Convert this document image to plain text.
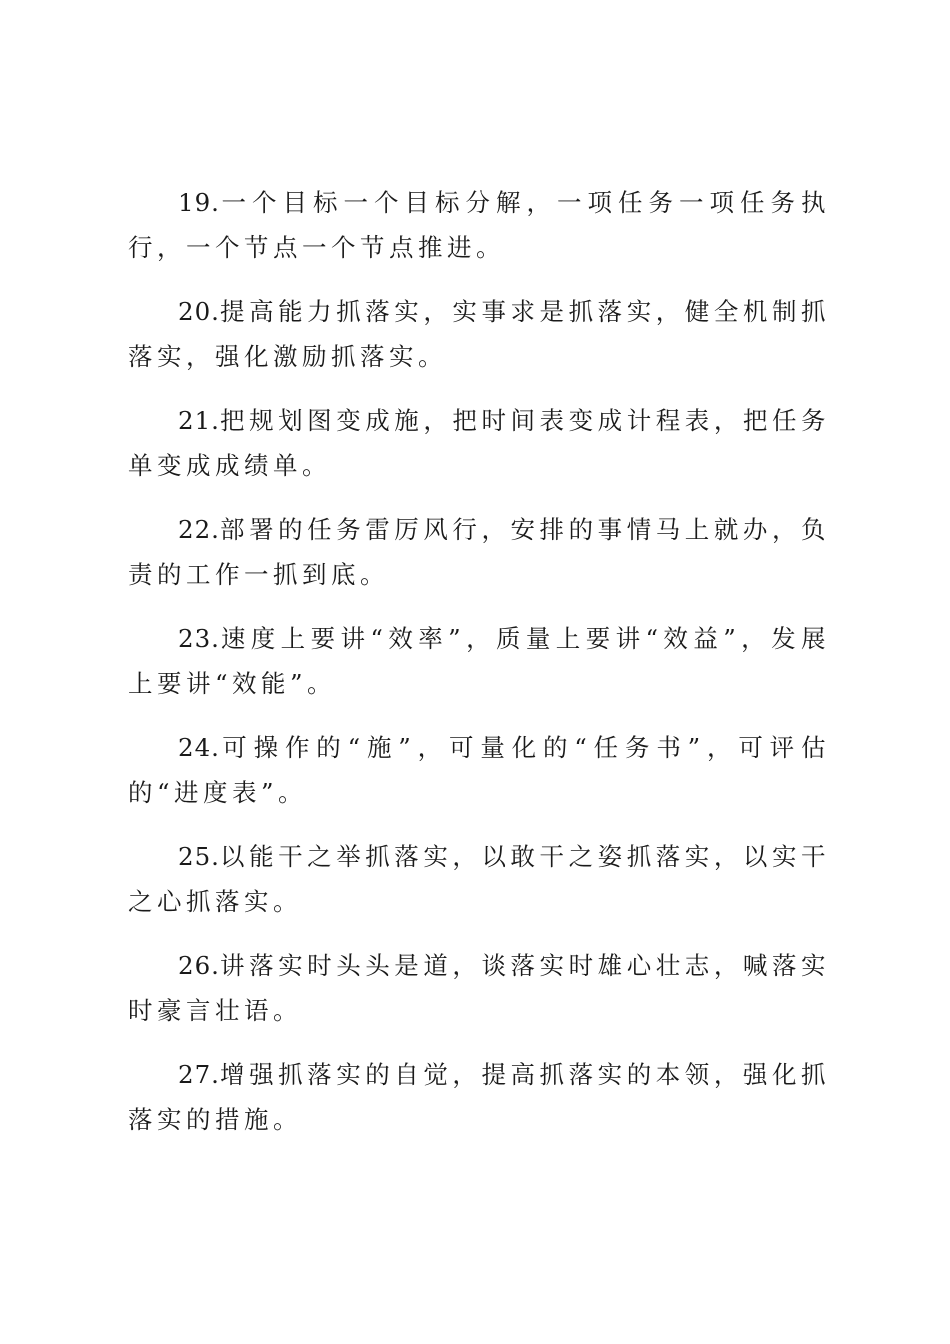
19.一个目标一个目标分解，一项任务一项任务执行，一个节点一个节点推进。

20.提高能力抓落实，实事求是抓落实，健全机制抓落实，强化激励抓落实。

21.把规划图变成施，把时间表变成计程表，把任务单变成成绩单。

22.部署的任务雷厉风行，安排的事情马上就办，负责的工作一抓到底。

23.速度上要讲“效率”，质量上要讲“效益”，发展上要讲“效能”。

24.可操作的“施”，可量化的“任务书”，可评估的“进度表”。

25.以能干之举抓落实，以敢干之姿抓落实，以实干之心抓落实。

26.讲落实时头头是道，谈落实时雄心壮志，喊落实时豪言壮语。

27.增强抓落实的自觉，提高抓落实的本领，强化抓落实的措施。
